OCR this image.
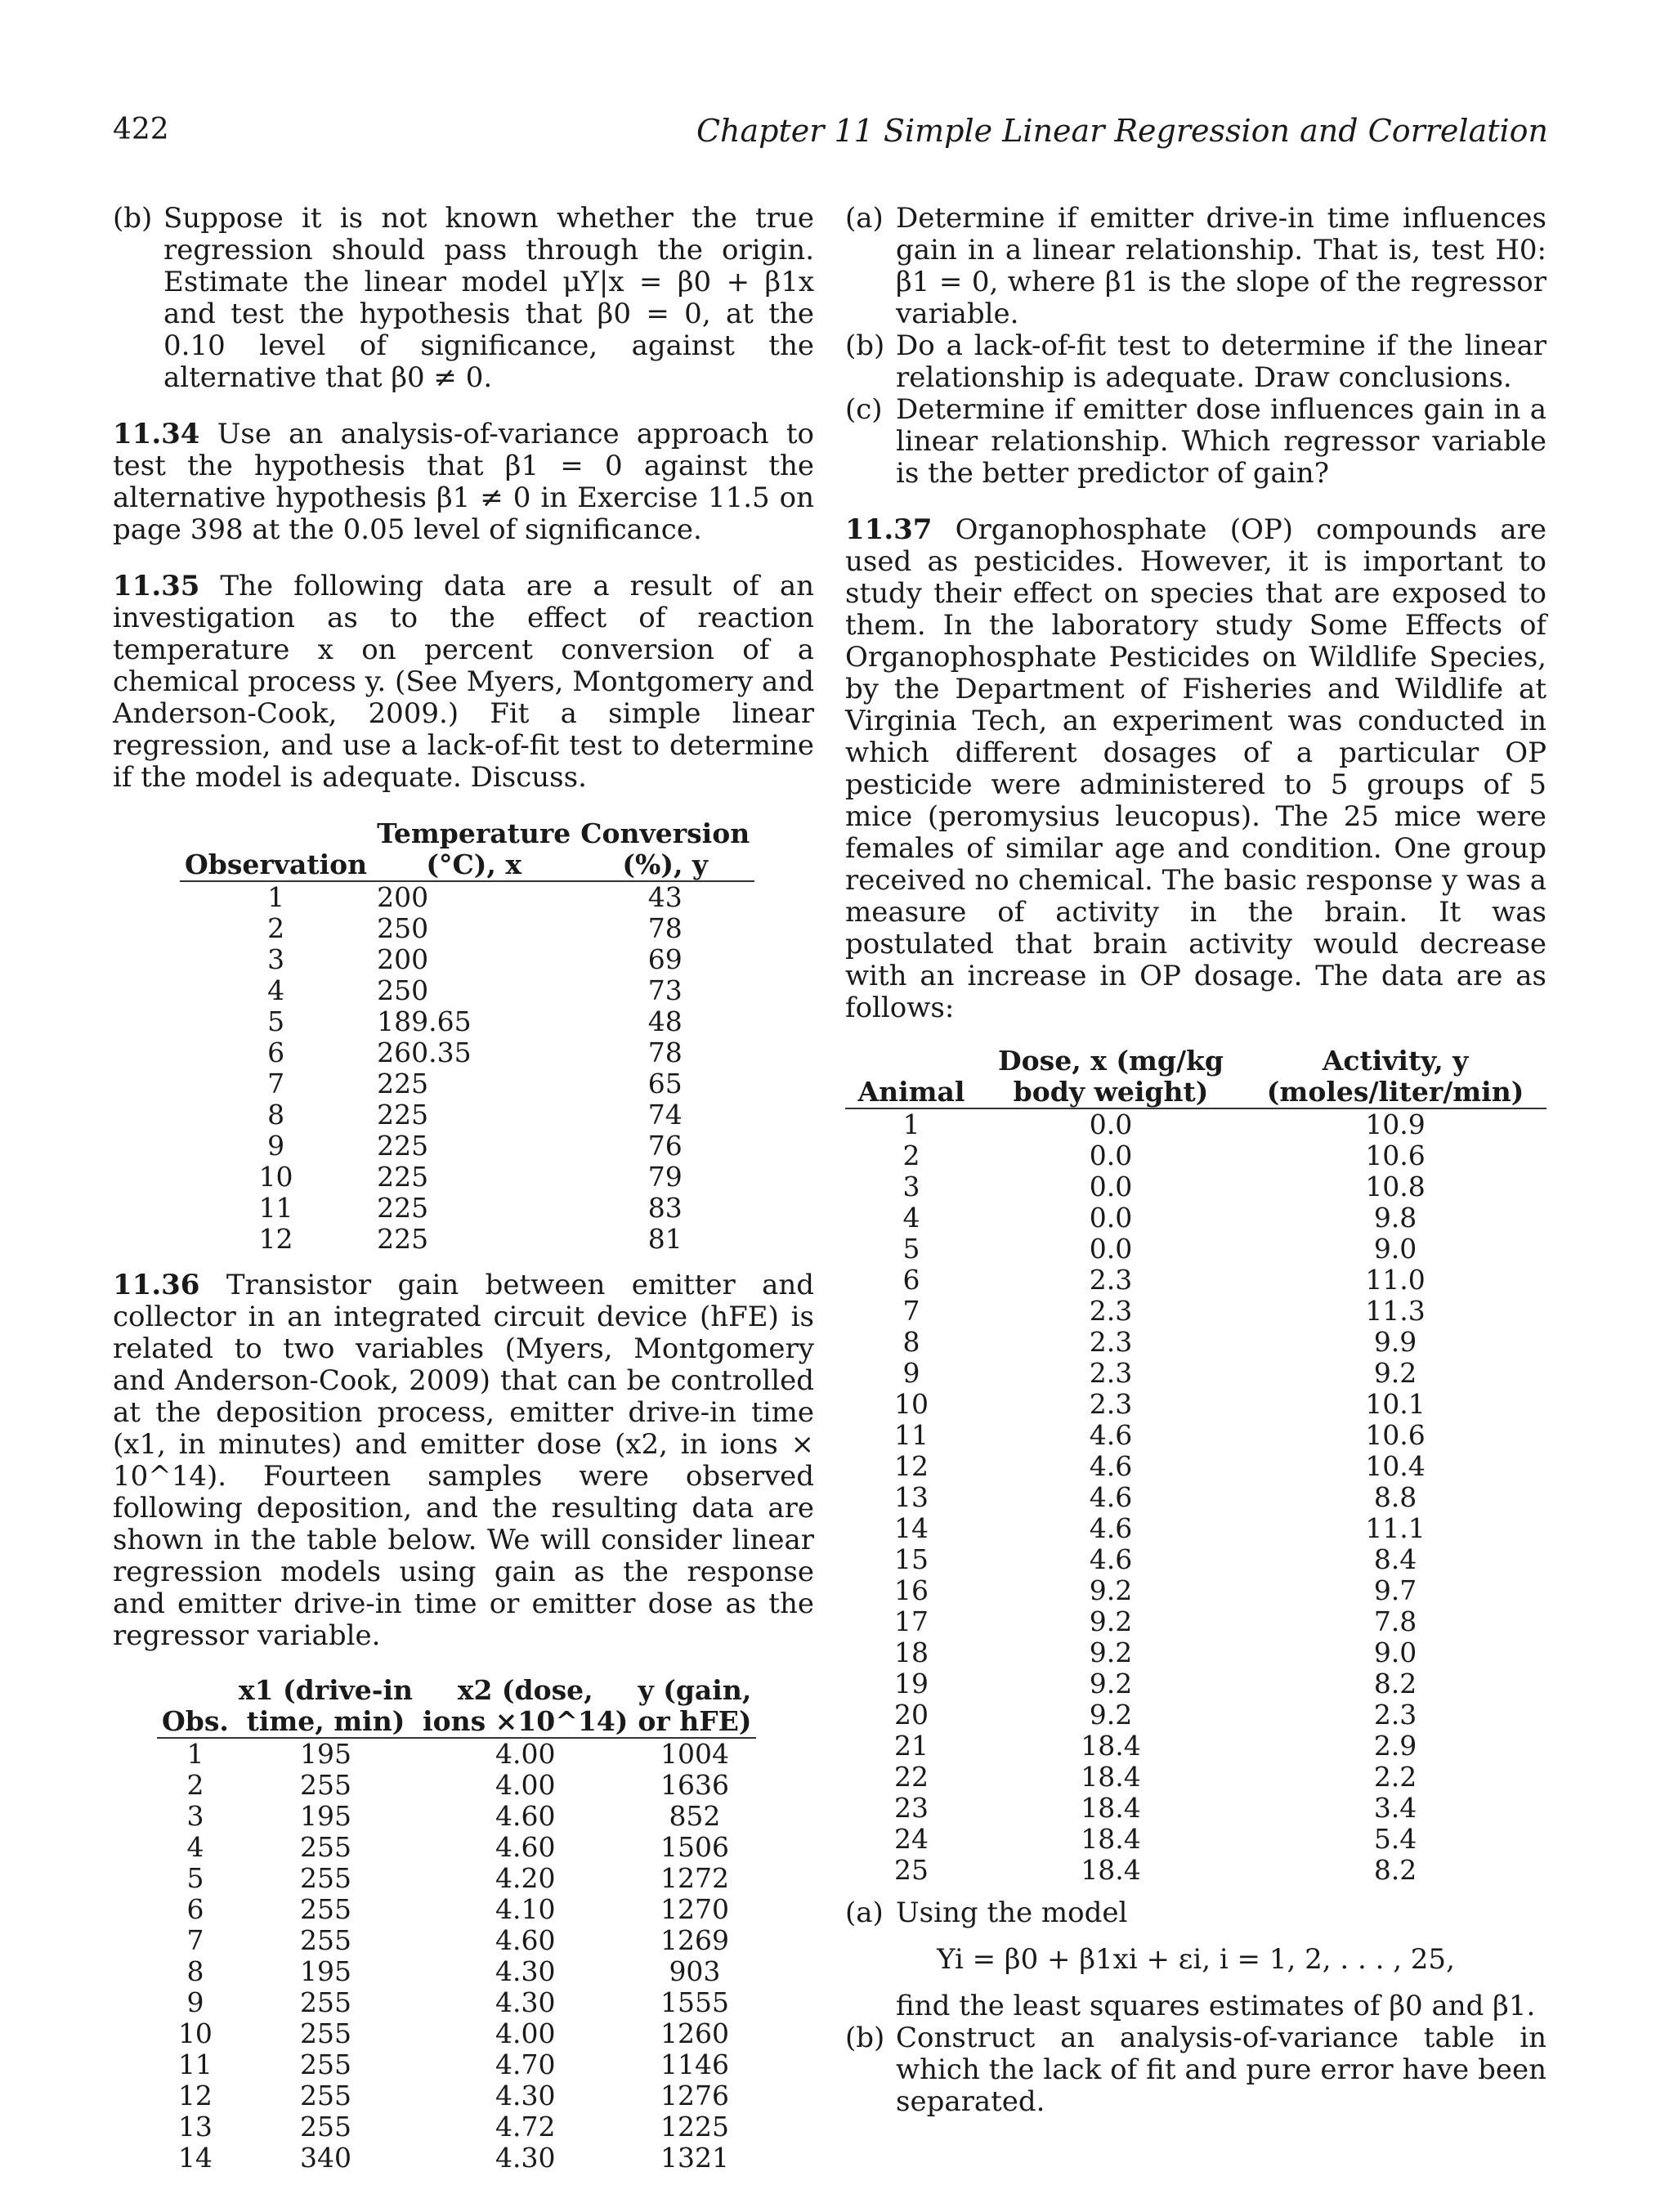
422	Chapter 11 Simple Linear Regression and Correlation
(b) Suppose it is not known whether the true regression should pass through the origin. Estimate the linear model μY|x = β0 + β1x and test the hypothesis that β0 = 0, at the 0.10 level of significance, against the alternative that β0 ≠ 0.

11.34 Use an analysis-of-variance approach to test the hypothesis that β1 = 0 against the alternative hypothesis β1 ≠ 0 in Exercise 11.5 on page 398 at the 0.05 level of significance.

11.35 The following data are a result of an investigation as to the effect of reaction temperature x on percent conversion of a chemical process y. (See Myers, Montgomery and Anderson-Cook, 2009.) Fit a simple linear regression, and use a lack-of-fit test to determine if the model is adequate. Discuss.

	Temperature	Conversion
Observation	(°C), x	(%), y
1	200	43
2	250	78
3	200	69
4	250	73
5	189.65	48
6	260.35	78
7	225	65
8	225	74
9	225	76
10	225	79
11	225	83
12	225	81

11.36 Transistor gain between emitter and collector in an integrated circuit device (hFE) is related to two variables (Myers, Montgomery and Anderson-Cook, 2009) that can be controlled at the deposition process, emitter drive-in time (x1, in minutes) and emitter dose (x2, in ions × 10^14). Fourteen samples were observed following deposition, and the resulting data are shown in the table below. We will consider linear regression models using gain as the response and emitter drive-in time or emitter dose as the regressor variable.

	x1 (drive-in	x2 (dose,	y (gain,
Obs.	time, min)	ions ×10^14)	or hFE)
1	195	4.00	1004
2	255	4.00	1636
3	195	4.60	852
4	255	4.60	1506
5	255	4.20	1272
6	255	4.10	1270
7	255	4.60	1269
8	195	4.30	903
9	255	4.30	1555
10	255	4.00	1260
11	255	4.70	1146
12	255	4.30	1276
13	255	4.72	1225
14	340	4.30	1321
(a) Determine if emitter drive-in time influences gain in a linear relationship. That is, test H0: β1 = 0, where β1 is the slope of the regressor variable.
(b) Do a lack-of-fit test to determine if the linear relationship is adequate. Draw conclusions.
(c) Determine if emitter dose influences gain in a linear relationship. Which regressor variable is the better predictor of gain?

11.37 Organophosphate (OP) compounds are used as pesticides. However, it is important to study their effect on species that are exposed to them. In the laboratory study Some Effects of Organophosphate Pesticides on Wildlife Species, by the Department of Fisheries and Wildlife at Virginia Tech, an experiment was conducted in which different dosages of a particular OP pesticide were administered to 5 groups of 5 mice (peromysius leucopus). The 25 mice were females of similar age and condition. One group received no chemical. The basic response y was a measure of activity in the brain. It was postulated that brain activity would decrease with an increase in OP dosage. The data are as follows:

	Dose, x (mg/kg	Activity, y
Animal	body weight)	(moles/liter/min)
1	0.0	10.9
2	0.0	10.6
3	0.0	10.8
4	0.0	9.8
5	0.0	9.0
6	2.3	11.0
7	2.3	11.3
8	2.3	9.9
9	2.3	9.2
10	2.3	10.1
11	4.6	10.6
12	4.6	10.4
13	4.6	8.8
14	4.6	11.1
15	4.6	8.4
16	9.2	9.7
17	9.2	7.8
18	9.2	9.0
19	9.2	8.2
20	9.2	2.3
21	18.4	2.9
22	18.4	2.2
23	18.4	3.4
24	18.4	5.4
25	18.4	8.2
(a) Using the model
Yi = β0 + β1xi + εi, i = 1, 2, . . . , 25,
find the least squares estimates of β0 and β1.
(b) Construct an analysis-of-variance table in which the lack of fit and pure error have been separated.
